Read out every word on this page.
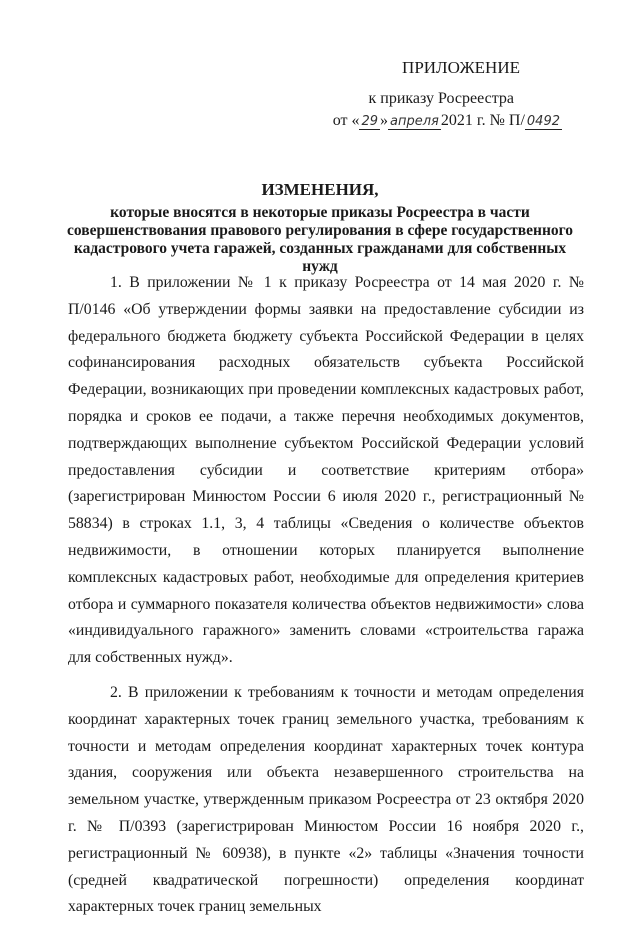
ПРИЛОЖЕНИЕ
к приказу Росреестра
от « 29 » апреля 2021 г. № П/ 0492
ИЗМЕНЕНИЯ,
которые вносятся в некоторые приказы Росреестра в части совершенствования правового регулирования в сфере государственного кадастрового учета гаражей, созданных гражданами для собственных нужд

1. В приложении № 1 к приказу Росреестра от 14 мая 2020 г. № П/0146 «Об утверждении формы заявки на предоставление субсидии из федерального бюджета бюджету субъекта Российской Федерации в целях софинансирования расходных обязательств субъекта Российской Федерации, возникающих при проведении комплексных кадастровых работ, порядка и сроков ее подачи, а также перечня необходимых документов, подтверждающих выполнение субъектом Российской Федерации условий предоставления субсидии и соответствие критериям отбора» (зарегистрирован Минюстом России 6 июля 2020 г., регистрационный № 58834) в строках 1.1, 3, 4 таблицы «Сведения о количестве объектов недвижимости, в отношении которых планируется выполнение комплексных кадастровых работ, необходимые для определения критериев отбора и суммарного показателя количества объектов недвижимости» слова «индивидуального гаражного» заменить словами «строительства гаража для собственных нужд».

2. В приложении к требованиям к точности и методам определения координат характерных точек границ земельного участка, требованиям к точности и методам определения координат характерных точек контура здания, сооружения или объекта незавершенного строительства на земельном участке, утвержденным приказом Росреестра от 23 октября 2020 г. № П/0393 (зарегистрирован Минюстом России 16 ноября 2020 г., регистрационный № 60938), в пункте «2» таблицы «Значения точности (средней квадратической погрешности) определения координат характерных точек границ земельных
